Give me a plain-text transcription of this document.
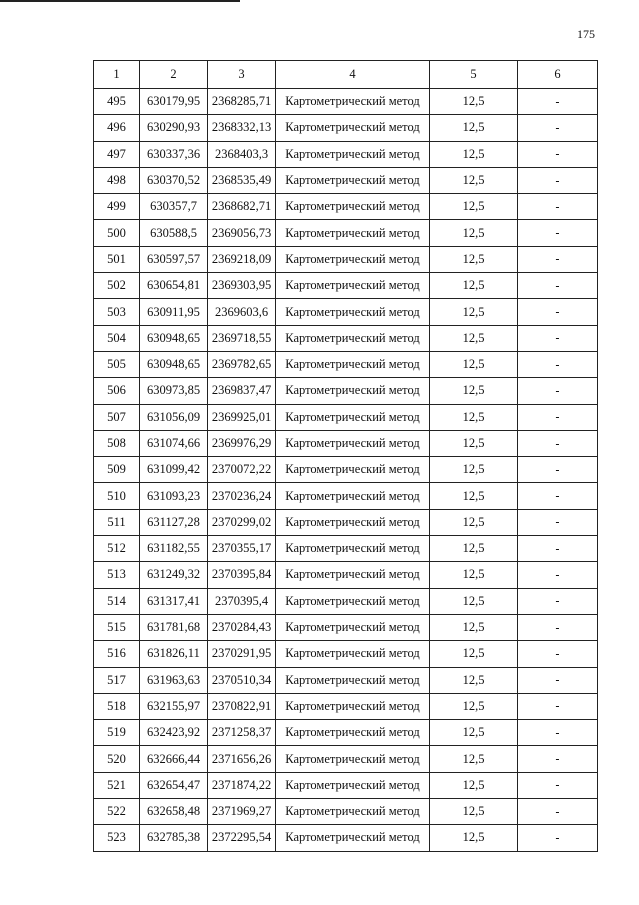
175
1	2	3	4	5	6
495	630179,95	2368285,71	Картометрический метод	12,5	-
496	630290,93	2368332,13	Картометрический метод	12,5	-
497	630337,36	2368403,3	Картометрический метод	12,5	-
498	630370,52	2368535,49	Картометрический метод	12,5	-
499	630357,7	2368682,71	Картометрический метод	12,5	-
500	630588,5	2369056,73	Картометрический метод	12,5	-
501	630597,57	2369218,09	Картометрический метод	12,5	-
502	630654,81	2369303,95	Картометрический метод	12,5	-
503	630911,95	2369603,6	Картометрический метод	12,5	-
504	630948,65	2369718,55	Картометрический метод	12,5	-
505	630948,65	2369782,65	Картометрический метод	12,5	-
506	630973,85	2369837,47	Картометрический метод	12,5	-
507	631056,09	2369925,01	Картометрический метод	12,5	-
508	631074,66	2369976,29	Картометрический метод	12,5	-
509	631099,42	2370072,22	Картометрический метод	12,5	-
510	631093,23	2370236,24	Картометрический метод	12,5	-
511	631127,28	2370299,02	Картометрический метод	12,5	-
512	631182,55	2370355,17	Картометрический метод	12,5	-
513	631249,32	2370395,84	Картометрический метод	12,5	-
514	631317,41	2370395,4	Картометрический метод	12,5	-
515	631781,68	2370284,43	Картометрический метод	12,5	-
516	631826,11	2370291,95	Картометрический метод	12,5	-
517	631963,63	2370510,34	Картометрический метод	12,5	-
518	632155,97	2370822,91	Картометрический метод	12,5	-
519	632423,92	2371258,37	Картометрический метод	12,5	-
520	632666,44	2371656,26	Картометрический метод	12,5	-
521	632654,47	2371874,22	Картометрический метод	12,5	-
522	632658,48	2371969,27	Картометрический метод	12,5	-
523	632785,38	2372295,54	Картометрический метод	12,5	-
